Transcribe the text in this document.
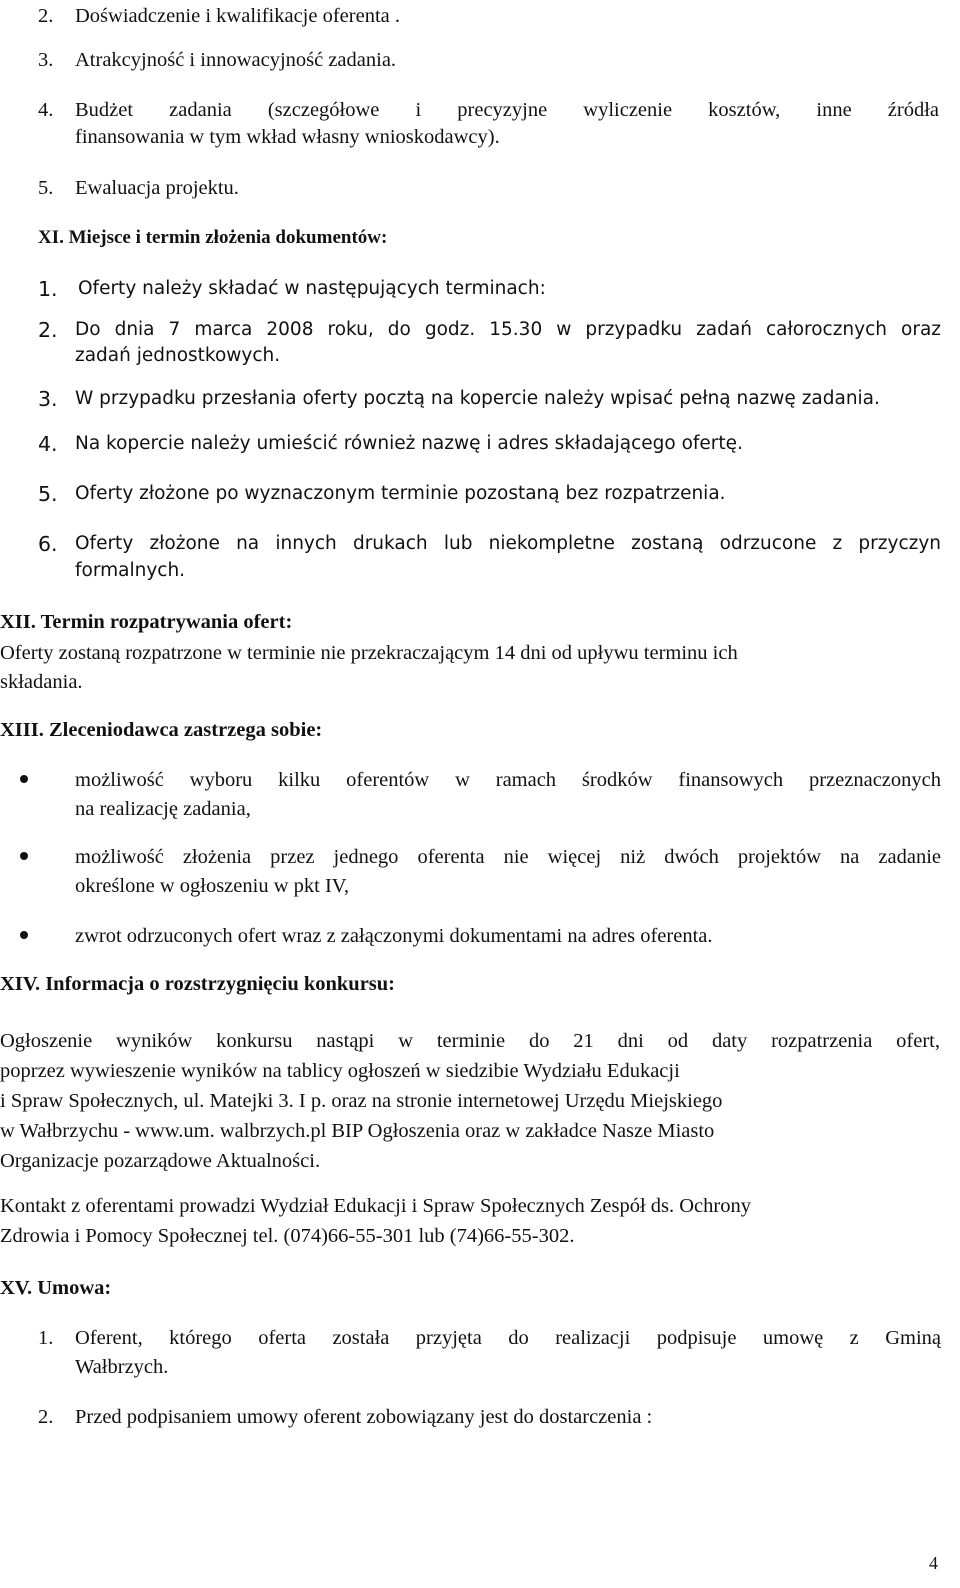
2. Doświadczenie i kwalifikacje oferenta .
3. Atrakcyjność i innowacyjność zadania.
4. Budżet zadania (szczegółowe i precyzyjne wyliczenie kosztów, inne źródła
finansowania w tym wkład własny wnioskodawcy).
5. Ewaluacja projektu.
XI. Miejsce i termin złożenia dokumentów:
1. Oferty należy składać w następujących terminach:
2. Do dnia 7 marca 2008 roku, do godz. 15.30 w przypadku zadań całorocznych oraz
zadań jednostkowych.
3. W przypadku przesłania oferty pocztą na kopercie należy wpisać pełną nazwę zadania.
4. Na kopercie należy umieścić również nazwę i adres składającego ofertę.
5. Oferty złożone po wyznaczonym terminie pozostaną bez rozpatrzenia.
6. Oferty złożone na innych drukach lub niekompletne zostaną odrzucone z przyczyn
formalnych.
XII. Termin rozpatrywania ofert:
Oferty zostaną rozpatrzone w terminie nie przekraczającym 14 dni od upływu terminu ich
składania.
XIII. Zleceniodawca zastrzega sobie:
możliwość wyboru kilku oferentów w ramach środków finansowych przeznaczonych
na realizację zadania,
możliwość złożenia przez jednego oferenta nie więcej niż dwóch projektów na zadanie
określone w ogłoszeniu w pkt IV,
zwrot odrzuconych ofert wraz z załączonymi dokumentami na adres oferenta.
XIV. Informacja o rozstrzygnięciu konkursu:
Ogłoszenie wyników konkursu nastąpi w terminie do 21 dni od daty rozpatrzenia ofert,
poprzez wywieszenie wyników na tablicy ogłoszeń w siedzibie Wydziału Edukacji
i Spraw Społecznych, ul. Matejki 3. I p. oraz na stronie internetowej Urzędu Miejskiego
w Wałbrzychu - www.um. walbrzych.pl BIP Ogłoszenia oraz w zakładce Nasze Miasto
Organizacje pozarządowe Aktualności.
Kontakt z oferentami prowadzi Wydział Edukacji i Spraw Społecznych Zespół ds. Ochrony
Zdrowia i Pomocy Społecznej tel. (074)66-55-301 lub (74)66-55-302.
XV. Umowa:
1. Oferent, którego oferta została przyjęta do realizacji podpisuje umowę z Gminą
Wałbrzych.
2. Przed podpisaniem umowy oferent zobowiązany jest do dostarczenia :
4
